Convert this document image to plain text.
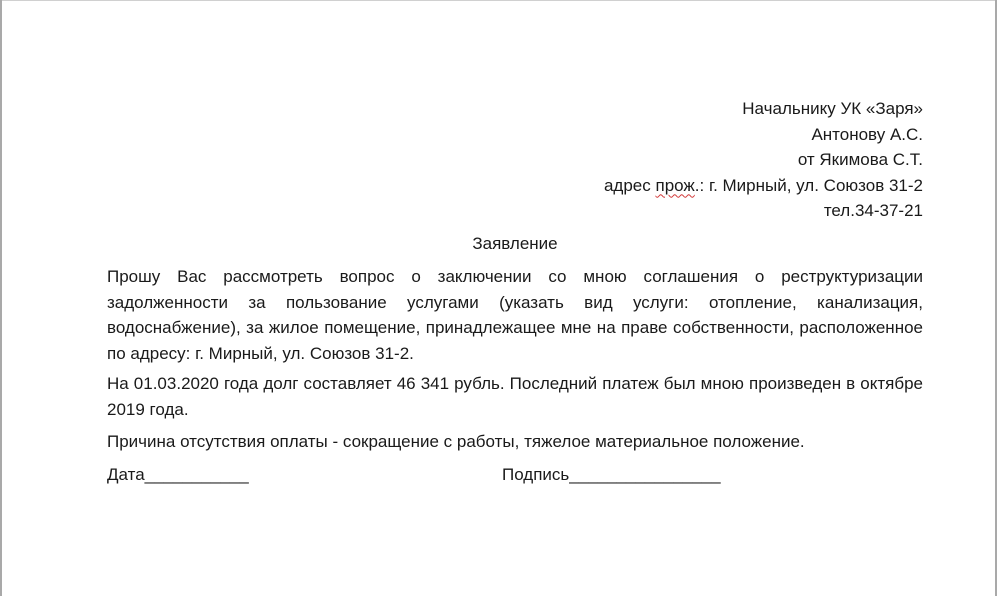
Начальнику УК «Заря»
Антонову А.С.
от Якимова С.Т.
адрес прож.: г. Мирный, ул. Союзов 31-2
тел.34-37-21
Заявление
Прошу Вас рассмотреть вопрос о заключении со мною соглашения о реструктуризации задолженности за пользование услугами (указать вид услуги: отопление, канализация, водоснабжение), за жилое помещение, принадлежащее мне на праве собственности, расположенное по адресу: г. Мирный, ул. Союзов 31-2.
На 01.03.2020 года долг составляет 46 341 рубль. Последний платеж был мною произведен в октябре 2019 года.
Причина отсутствия оплаты - сокращение с работы, тяжелое материальное положение.
Дата___________	Подпись________________
